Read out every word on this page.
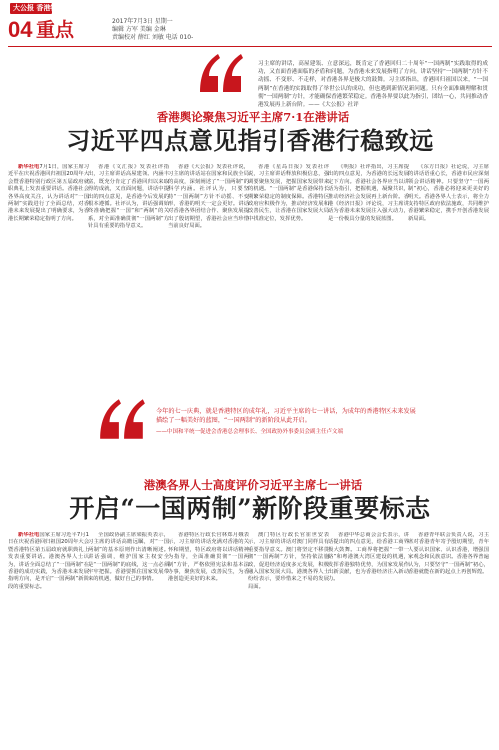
大公报 香港特刊
04 重点	2017年7月3日 星期一
编辑 方军 美编 金琳
责编校对 薛红 刘敏 电话 010-
习主席的讲话，高屋建瓴、立意深远，既肯定了香港回归二十周年“一国两制”实践取得的成功，又直面香港面临的矛盾和问题，为香港未来发展指明了方向。讲话坚持“一国两制”方针不动摇、不变形、不走样，对香港各界是极大的鼓舞。习主席指出，香港回归祖国以来，“一国两制”在香港的实践取得了举世公认的成功，但也遇到新情况新问题。只有全面准确理解和贯彻“一国两制”方针，才能确保香港繁荣稳定。香港各界要以此为指引，团结一心，共同推动香港发展再上新台阶。——《大公报》社评
香港舆论聚焦习近平主席7·1在港讲话
习近平四点意见指引香港行稳致远

新华社电7月1日，国家主席习近平在庆祝香港回归祖国20周年大会暨香港特别行政区第五届政府就职典礼上发表重要讲话。香港社会各界高度关注，认为讲话对“一国两制”实践进行了全面总结，对香港未来发展提出了明确要求，为香港长期繁荣稳定指明了方向。

香港《文汇报》发表社评指出，习主席讲话高屋建瓴、内涵丰富，既充分肯定了香港回归以来取得的成就，又直面问题，讲话中提出的四点意见，是香港今后发展的根本遵循。社评认为，讲话强调始终准确把握“一国”和“两制”的关系，对全面准确贯彻“一国两制”方针具有重要的指导意义。

香港《大公报》发表社评说，习主席的讲话站在国家和民族全局的高度，深刻阐述了“一国两制”的科学内涵。社评认为，只要坚持“一国两制”方针不动摇、不变形，香港的明天一定会更好。讲话对香港各界团结合作、聚焦发展提出了殷切期望，香港社会应当珍惜当前良好局面。

香港《星岛日报》发表社评说，习主席讲话释放积极信息，强调要聚焦发展，把握国家发展带来的机遇。“一国两制”是香港保持长期繁荣稳定的制度保障。香港特区政府应积极作为，推动经济发展和改善民生，让香港在国家发展大局中找准定位，发挥优势。

《明报》社评指出，习主席提出的四点意见，为香港的长远发展定下方向。香港社会各界应当以讲话为指引，把握机遇，凝聚共识，推动经济社会发展再上新台阶。香港《经济日报》评论说，习主席讲话为香港未来发展注入强大动力，是一份极具分量的发展蓝图。

《东方日报》社论说，习主席的讲话语重心长，香港市民应深刻领会讲话精神。只要坚守“一国两制”初心，香港必将迎来更美好的明天。香港各界人士表示，将全力支持特区政府依法施政，共同维护香港繁荣稳定，携手开创香港发展新局面。

今年的七一庆典，就是香港特区的成年礼，习近平主席的七一讲话，为成年的香港特区未来发展描绘了一幅美好的蓝图，“一国两制”的新阶段从此开启。
——中国和平统一促进会香港总会理事长、全国政协外事委员会副主任卢文端
港澳各界人士高度评价习近平主席七一讲话
开启“一国两制”新阶段重要标志

新华社电国家主席习近平7月1日在庆祝香港回归祖国20周年大会暨香港特区第五届政府就职典礼上发表重要讲话。港澳各界人士认为，讲话全面总结了“一国两制”在香港的成功实践，为香港未来发展指明方向，是开启“一国两制”新阶段的重要标志。

全国政协副主席梁振英表示，习主席的讲话高瞻远瞩，对“一国两制”的基本原则作出清晰阐述。讲话强调，维护国家主权安全是“一国两制”的底线，这一点必须牢牢把握。香港要抓住国家发展带来的机遇，做好自己的事情。

香港特区行政长官林郑月娥表示，习主席的讲话充满对香港的关怀和期望，特区政府将以讲话精神为指导，全面准确贯彻“一国两制”方针，严格依照宪法和基本法办事，聚焦发展，改善民生，为香港创造更美好的未来。

澳门特区行政长官崔世安表示，习主席的讲话对澳门同样具有重要指导意义。澳门将坚定不移贯彻“一国两制”方针，坚持依法施政，促进经济适度多元发展，积极融入国家发展大局。港澳各界人士纷纷表示，要珍惜来之不易的发展局面。

香港中华总商会会长表示，讲话提出的四点意见，给香港工商界极大鼓舞。工商界将把握“一带一路”和粤港澳大湾区建设的机遇，发挥香港独特优势，为国家发展作出新贡献，也为香港经济注入新动力。

香港青年联会负责人说，习主席对香港青年寄予殷切期望，青年人要认识国家、认识香港，增强国家观念和民族意识。香港各界普遍认为，只要坚守“一国两制”初心，香港就能在新的起点上再创辉煌。
